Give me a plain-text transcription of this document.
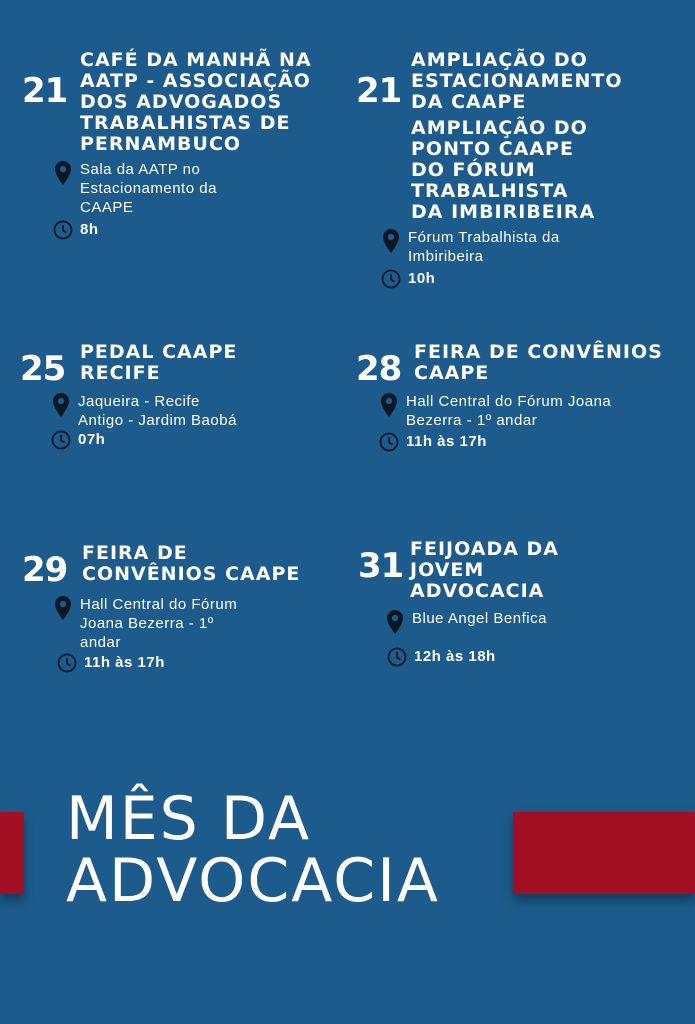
21
CAFÉ DA MANHÃ NA
AATP - ASSOCIAÇÃO
DOS ADVOGADOS
TRABALHISTAS DE
PERNAMBUCO
Sala da AATP no
Estacionamento da
CAAPE
8h
21
AMPLIAÇÃO DO
ESTACIONAMENTO
DA CAAPE
AMPLIAÇÃO DO
PONTO CAAPE
DO FÓRUM
TRABALHISTA
DA IMBIRIBEIRA
Fórum Trabalhista da
Imbiribeira
10h
25 PEDAL CAAPE
RECIFE
Jaqueira - Recife
Antigo - Jardim Baobá
07h
28 FEIRA DE CONVÊNIOS
CAAPE
Hall Central do Fórum Joana
Bezerra - 1º andar
11h às 17h
29 FEIRA DE
CONVÊNIOS CAAPE
Hall Central do Fórum
Joana Bezerra - 1º
andar
11h às 17h
31 FEIJOADA DA
JOVEM
ADVOCACIA
Blue Angel Benfica
12h às 18h
MÊS DA
ADVOCACIA
